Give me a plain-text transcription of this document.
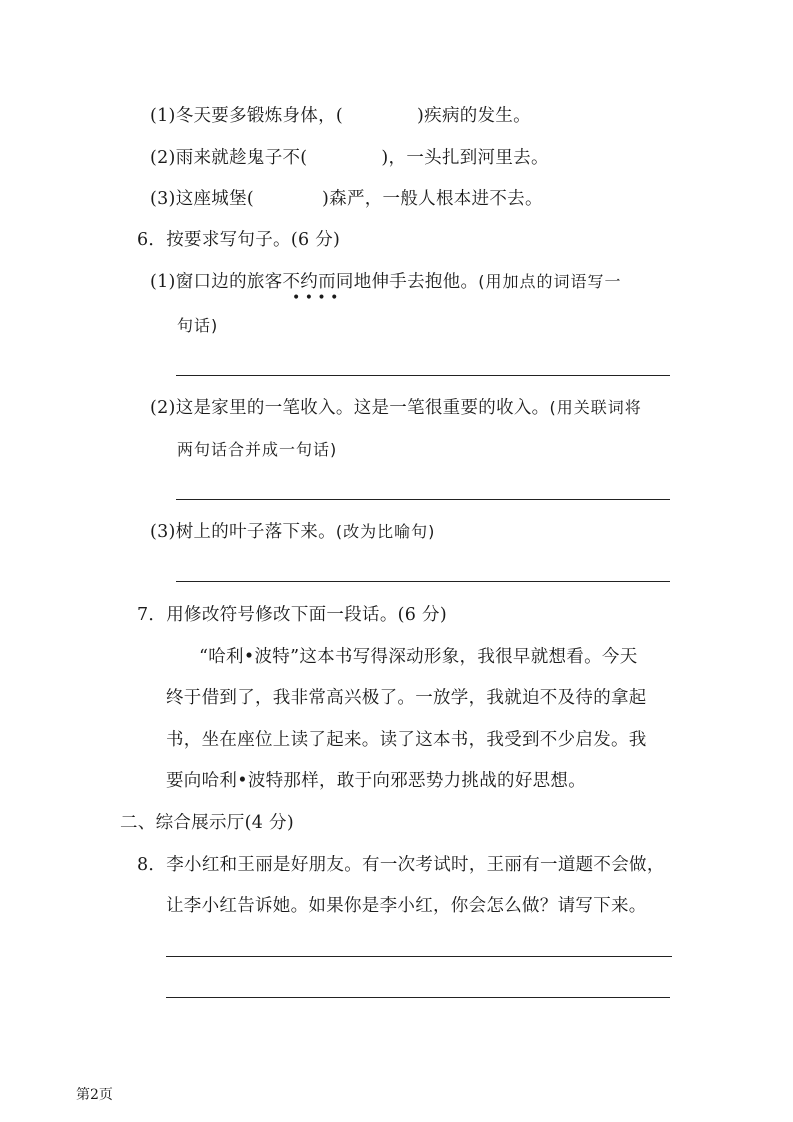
(1)冬天要多锻炼身体，(	)疾病的发生。
(2)雨来就趁鬼子不(	)，一头扎到河里去。
(3)这座城堡(	)森严，一般人根本进不去。
6．按要求写句子。(6 分)
(1)窗口边的旅客不约而同地伸手去抱他。(用加点的词语写一
• • • •
句话)
(2)这是家里的一笔收入。这是一笔很重要的收入。(用关联词将
两句话合并成一句话)
(3)树上的叶子落下来。(改为比喻句)
7．用修改符号修改下面一段话。(6 分)
“哈利•波特”这本书写得深动形象，我很早就想看。今天
终于借到了，我非常高兴极了。一放学，我就迫不及待的拿起
书，坐在座位上读了起来。读了这本书，我受到不少启发。我
要向哈利•波特那样，敢于向邪恶势力挑战的好思想。
二、综合展示厅(4 分)
8．李小红和王丽是好朋友。有一次考试时，王丽有一道题不会做，
让李小红告诉她。如果你是李小红，你会怎么做？请写下来。
第2页
